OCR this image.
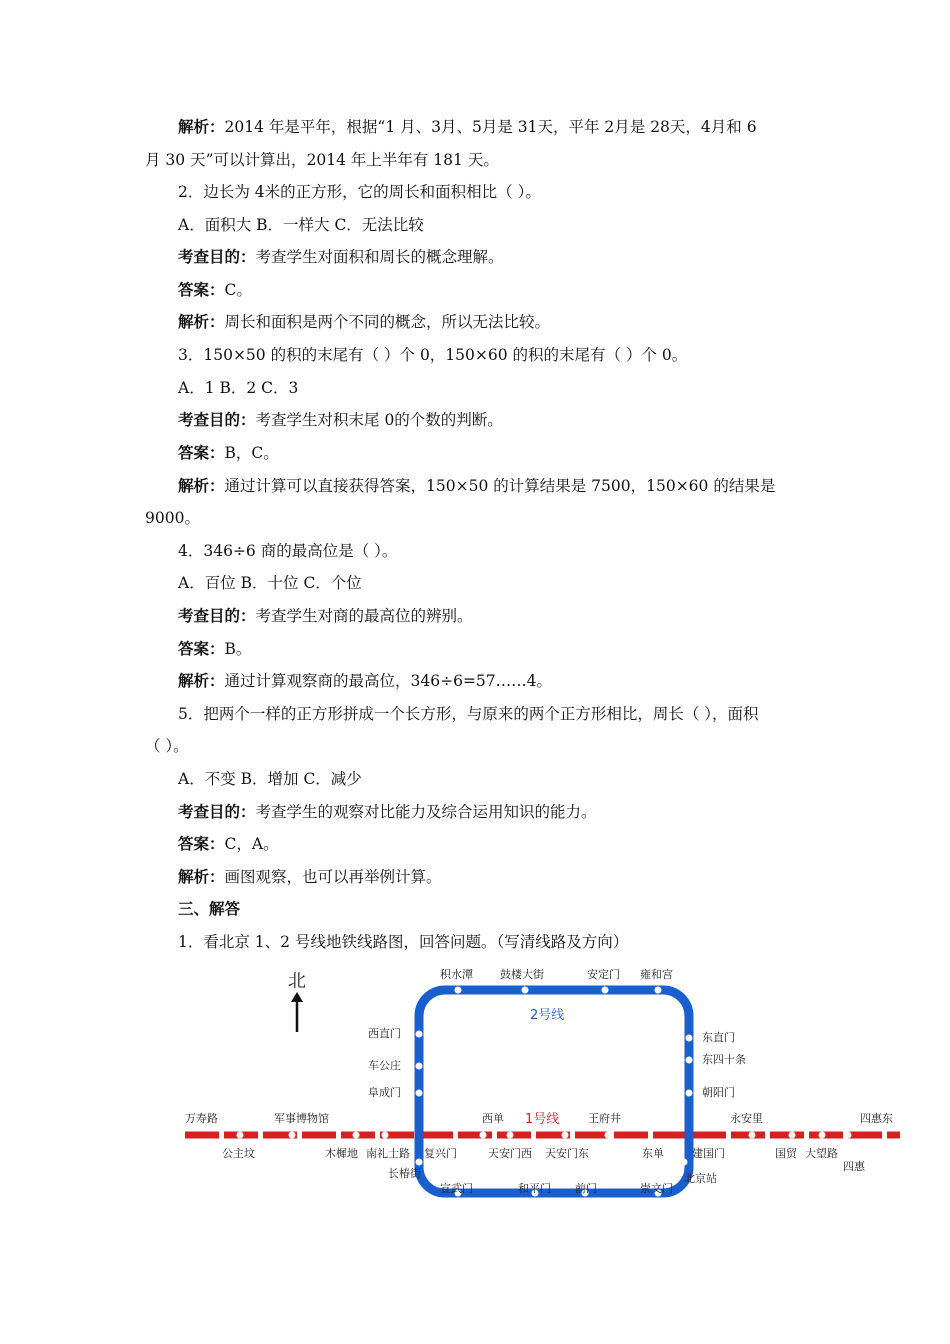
解析：2014 年是平年，根据“1 月、3月、5月是 31天，平年 2月是 28天，4月和 6
月 30 天”可以计算出，2014 年上半年有 181 天。
2．边长为 4米的正方形，它的周长和面积相比（ ）。
A．面积大 B．一样大 C．无法比较
考查目的：考查学生对面积和周长的概念理解。
答案：C。
解析：周长和面积是两个不同的概念，所以无法比较。
3．150×50 的积的末尾有（ ）个 0，150×60 的积的末尾有（ ）个 0。
A．1 B．2 C．3
考查目的：考查学生对积末尾 0的个数的判断。
答案：B，C。
解析：通过计算可以直接获得答案，150×50 的计算结果是 7500，150×60 的结果是
9000。
4．346÷6 商的最高位是（ ）。
A．百位 B．十位 C．个位
考查目的：考查学生对商的最高位的辨别。
答案：B。
解析：通过计算观察商的最高位，346÷6=57……4。
5．把两个一样的正方形拼成一个长方形，与原来的两个正方形相比，周长（ ），面积
（ ）。
A．不变 B．增加 C．减少
考查目的：考查学生的观察对比能力及综合运用知识的能力。
答案：C，A。
解析：画图观察，也可以再举例计算。
三、解答
1．看北京 1、2 号线地铁线路图，回答问题。（写清线路及方向）
北
2号线
1号线
积水潭 鼓楼大街	安定门 雍和宫
西直门
车公庄
阜成门
东直门
东四十条
朝阳门
万寿路	军事博物馆	西单	王府井	永安里	四惠东
公主坟	木樨地 南礼士路 复兴门	天安门西 天安门东	东单	建国门	国贸 大望路
四惠
长椿街
宣武门	和平门 前门	崇文门
北京站
